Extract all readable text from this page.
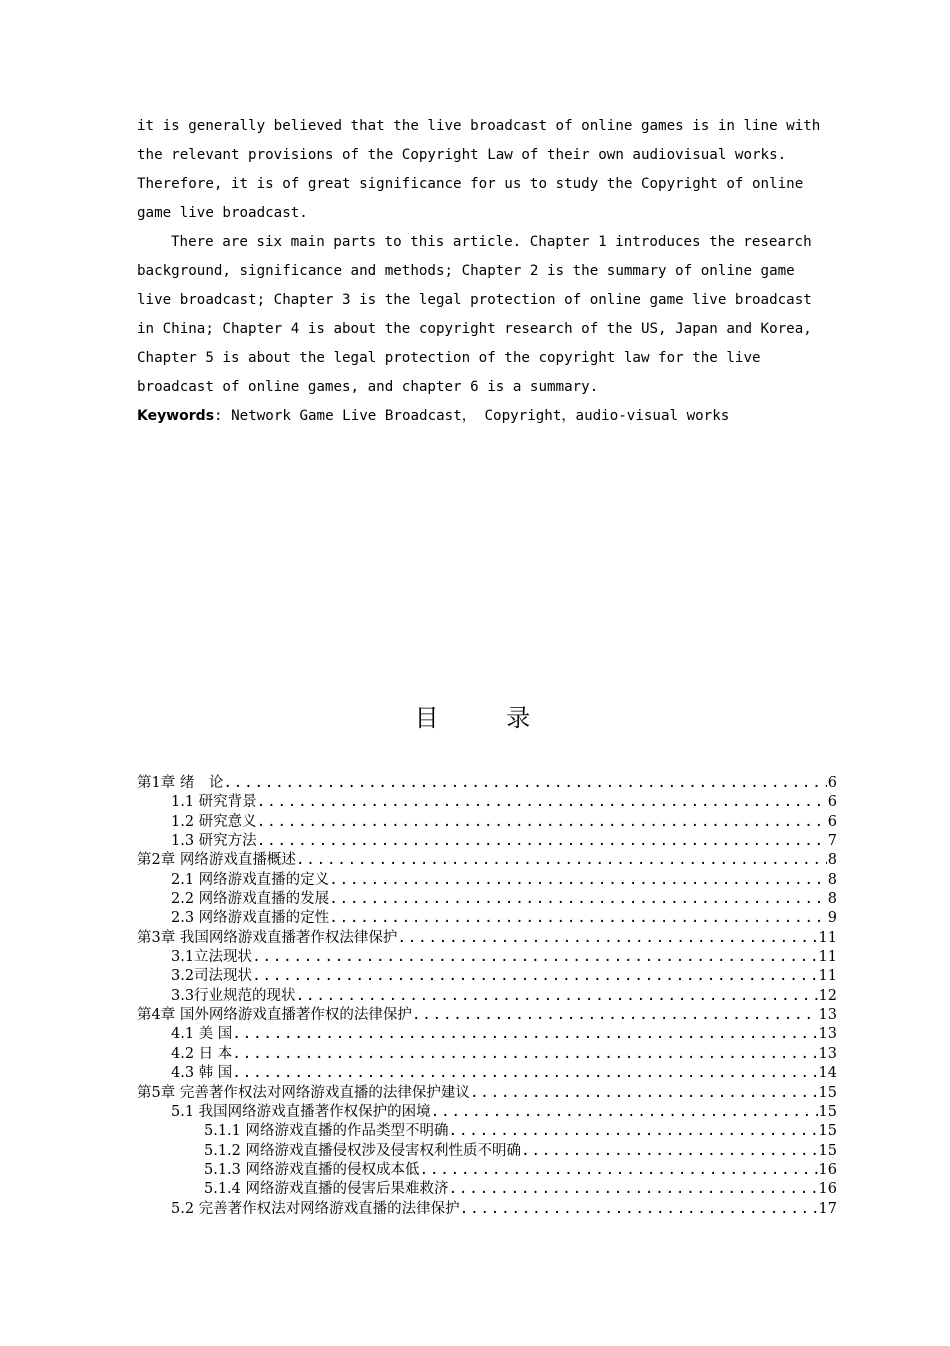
it is generally believed that the live broadcast of online games is in line with the relevant provisions of the Copyright Law of their own audiovisual works. Therefore, it is of great significance for us to study the Copyright of online game live broadcast.

There are six main parts to this article. Chapter 1 introduces the research background, significance and methods; Chapter 2 is the summary of online game live broadcast; Chapter 3 is the legal protection of online game live broadcast in China; Chapter 4 is about the copyright research of the US, Japan and Korea, Chapter 5 is about the legal protection of the copyright law for the live broadcast of online games, and chapter 6 is a summary.

Keywords: Network Game Live Broadcast， Copyright，audio-visual works
目 录
第1章 绪　论 .....	6
1.1 研究背景 .....	6
1.2 研究意义 .....	6
1.3 研究方法 .....	7
第2章 网络游戏直播概述 .....	8
2.1 网络游戏直播的定义 .....	8
2.2 网络游戏直播的发展 .....	8
2.3 网络游戏直播的定性 .....	9
第3章 我国网络游戏直播著作权法律保护 .....	11
3.1立法现状 .....	11
3.2司法现状 .....	11
3.3行业规范的现状 .....	12
第4章 国外网络游戏直播著作权的法律保护 .....	13
4.1 美 国 .....	13
4.2 日 本 .....	13
4.3 韩 国 .....	14
第5章 完善著作权法对网络游戏直播的法律保护建议 .....	15
5.1 我国网络游戏直播著作权保护的困境 .....	15
5.1.1 网络游戏直播的作品类型不明确 .....	15
5.1.2 网络游戏直播侵权涉及侵害权利性质不明确 .....	15
5.1.3 网络游戏直播的侵权成本低 .....	16
5.1.4 网络游戏直播的侵害后果难救济 .....	16
5.2 完善著作权法对网络游戏直播的法律保护 .....	17
